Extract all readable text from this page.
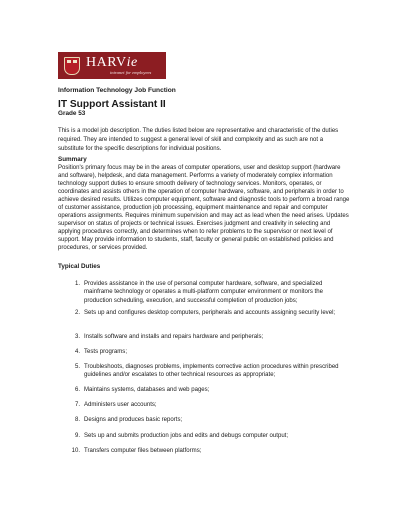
HARVie
intranet for employees
Information Technology Job Function
IT Support Assistant II
Grade 53

This is a model job description. The duties listed below are representative and characteristic of the duties required. They are intended to suggest a general level of skill and complexity and as such are not a substitute for the specific descriptions for individual positions.

Summary

Position's primary focus may be in the areas of computer operations, user and desktop support (hardware and software), helpdesk, and data management. Performs a variety of moderately complex information technology support duties to ensure smooth delivery of technology services. Monitors, operates, or coordinates and assists others in the operation of computer hardware, software, and peripherals in order to achieve desired results. Utilizes computer equipment, software and diagnostic tools to perform a broad range of customer assistance, production job processing, equipment maintenance and repair and computer operations assignments. Requires minimum supervision and may act as lead when the need arises. Updates supervisor on status of projects or technical issues. Exercises judgment and creativity in selecting and applying procedures correctly, and determines when to refer problems to the supervisor or next level of support. May provide information to students, staff, faculty or general public on established policies and procedures, or services provided.

Typical Duties
1. Provides assistance in the use of personal computer hardware, software, and specialized mainframe technology or operates a multi-platform computer environment or monitors the production scheduling, execution, and successful completion of production jobs;
2. Sets up and configures desktop computers, peripherals and accounts assigning security level;
3. Installs software and installs and repairs hardware and peripherals;
4. Tests programs;
5. Troubleshoots, diagnoses problems, implements corrective action procedures within prescribed guidelines and/or escalates to other technical resources as appropriate;
6. Maintains systems, databases and web pages;
7. Administers user accounts;
8. Designs and produces basic reports;
9. Sets up and submits production jobs and edits and debugs computer output;
10. Transfers computer files between platforms;
